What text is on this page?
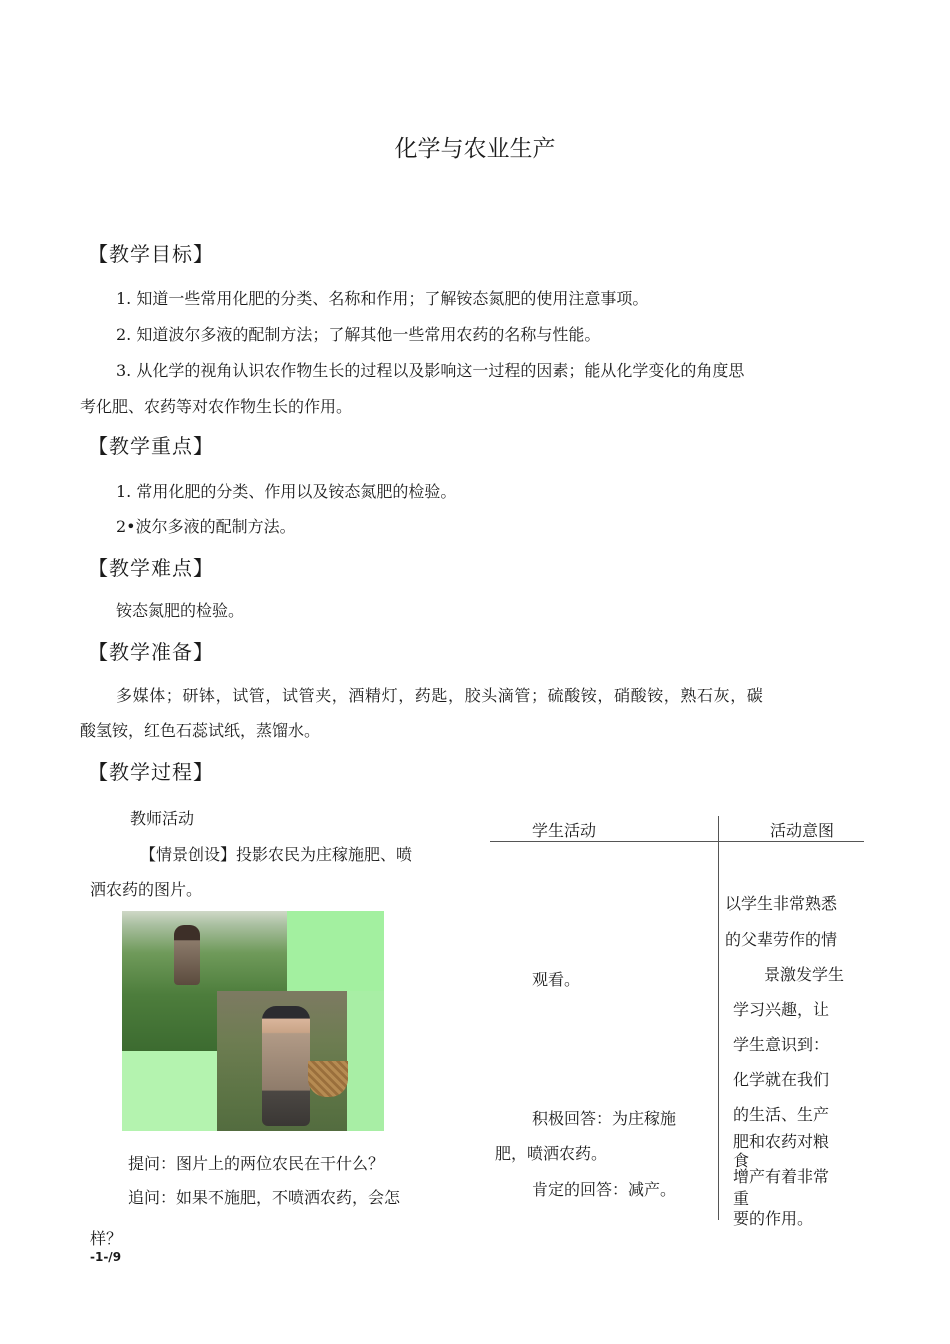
化学与农业生产
【教学目标】
1. 知道一些常用化肥的分类、名称和作用；了解铵态氮肥的使用注意事项。
2. 知道波尔多液的配制方法；了解其他一些常用农药的名称与性能。
3. 从化学的视角认识农作物生长的过程以及影响这一过程的因素；能从化学变化的角度思
考化肥、农药等对农作物生长的作用。
【教学重点】
1. 常用化肥的分类、作用以及铵态氮肥的检验。
2•波尔多液的配制方法。
【教学难点】
铵态氮肥的检验。
【教学准备】
多媒体；研钵，试管，试管夹，酒精灯，药匙，胶头滴管；硫酸铵，硝酸铵，熟石灰，碳
酸氢铵，红色石蕊试纸，蒸馏水。
【教学过程】
教师活动
学生活动	活动意图
【情景创设】投影农民为庄稼施肥、喷
洒农药的图片。
提问：图片上的两位农民在干什么？
追问：如果不施肥，不喷洒农药，会怎
样？
观看。
积极回答：为庄稼施
肥，喷洒农药。
肯定的回答：减产。
以学生非常熟悉
的父辈劳作的情
景激发学生
学习兴趣，让
学生意识到：
化学就在我们
的生活、生产
肥和农药对粮
食
增产有着非常
重
要的作用。
-1-/9
